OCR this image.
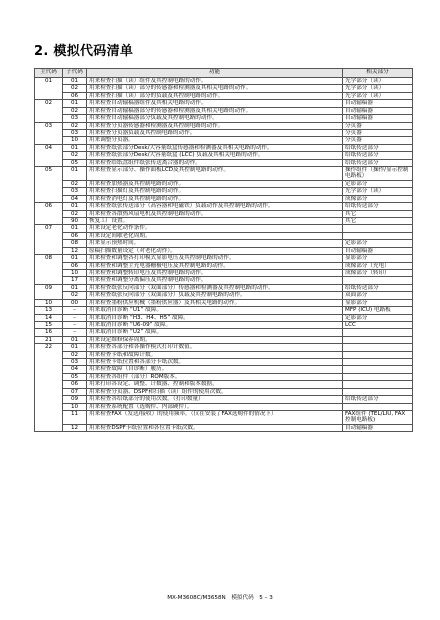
2. 模拟代码清单
主代码	子代码	功能	相关部分
01	01	用来检查扫描（读）组件及其控制电路的动作。	光学部分（读）
	02	用来检查扫描（读）部分的传感器和检测器及其相关电路的动作。	光学部分（读）
	06	用来检查扫描（读）部分的负载及其控制电路的动作。	光学部分（读）
02	01	用来检查自动输稿器组件及其相关电路的动作。	自动输稿器
	02	用来检查自动输稿器部分的传感器和检测器及其相关电路的动作。	自动输稿器
	03	用来检查自动输稿器部分负载及其控制电路的动作。	自动输稿器
03	02	用来检查分页器传感器和检测器及其控制电路的动作。	分页器
	03	用来检查分页器负载及其控制电路的动作。	分页器
	10	用来调整分页器。	分页器
04	01	用来检查纸张部分Desk/大容量纸盒传感器和检测器及其相关电路的动作。	给纸传送部分
	02	用来检查纸张部分Desk/大容量纸盒 (LCC) 负载及其相关电路的动作。	给纸传送部分
	05	用来检查给纸盘组件纸张传送离合器的动作。	给纸传送部分
05	01	用来检查显示部分、操作面板LCD及其控制电路的动作。	操作组件（操作/显示控制电路板）
	02	用来检查加热器及其控制电路的动作。	定影部分
	03	用来检查扫描灯及其控制电路的动作。	光学部分（读）
	04	用来检查消电灯及其控制电路的动作。	成像部分
06	01	用来检查纸张传送部分（高容器和电磁铁）负载动作及其控制电路的动作。	给纸传送部分
	02	用来检查各散热风扇电机及其控制电路的动作。	其它
	90	恢复工厂设置。	其它
07	01	用来设定老化动作条件。	
	06	用来设定间歇老化周期。	
	08	用来显示预热时间。	定影部分
	12	原稿扫描数量设定（对老化动作）。	自动输稿器
08	01	用来检查和调整各打印模式显影电压及其控制电路的动作。	显影部分
	06	用来检查和调整主充电器栅极电压及其控制电路的动作。	成像部分（充电）
	10	用来检查和调整转印电压及其控制电路的动作。	成像部分（转印）
	17	用来检查和调整分离偏压及其控制电路的动作。	
09	01	用来检查纸张反向部分（双面部分）传感器和检测器及其控制电路的动作。	给纸传送部分
	02	用来检查纸张反向部分（双面部分）负载及其控制电路的动作。	双面部分
10	00	用来检查墨粉供应机械（墨粉供应器）及其相关电路的动作。	显影部分
13	–	用来取消自诊断 “U1” 故障。	MFP (ICU) 电路板
14	–	用来取消自诊断 “H3、H4、H5” 故障。	定影部分
15	–	用来取消自诊断 “U6-09” 故障。	LCC
16	–	用来取消自诊断 “U2” 故障。	
21	01	用来设定维修保养周期。	
22	01	用来检查各部分和各操作模式打印计数值。	
	02	用来检查卡纸和故障计数。	
	03	用来检查卡纸位置和各部分卡纸次数。	
	04	用来检查故障（自诊断）履历。	
	05	用来检查各组件（部分）ROM版本。	
	06	用来打印各设定、调整、计数器、控制和版本数据。	
	07	用来检查分页器、DSPF和扫描（读）组件的使用次数。	
	09	用来检查各给纸部分的使用次数。（打印数量）	给纸传送部分
	10	用来检查系统配置（选购件、内部硬件）。	
	11	用来检查FAX（发送/接收）的使用频率。（仅在安装了FAX选购件的情况下）	FAX组件 (TEL/LIU, FAX控制电路板)
	12	用来检查DSPF卡纸位置和各位置卡纸次数。	自动输稿器
MX-M3608C/M3658N　模拟代码　5 – 3
